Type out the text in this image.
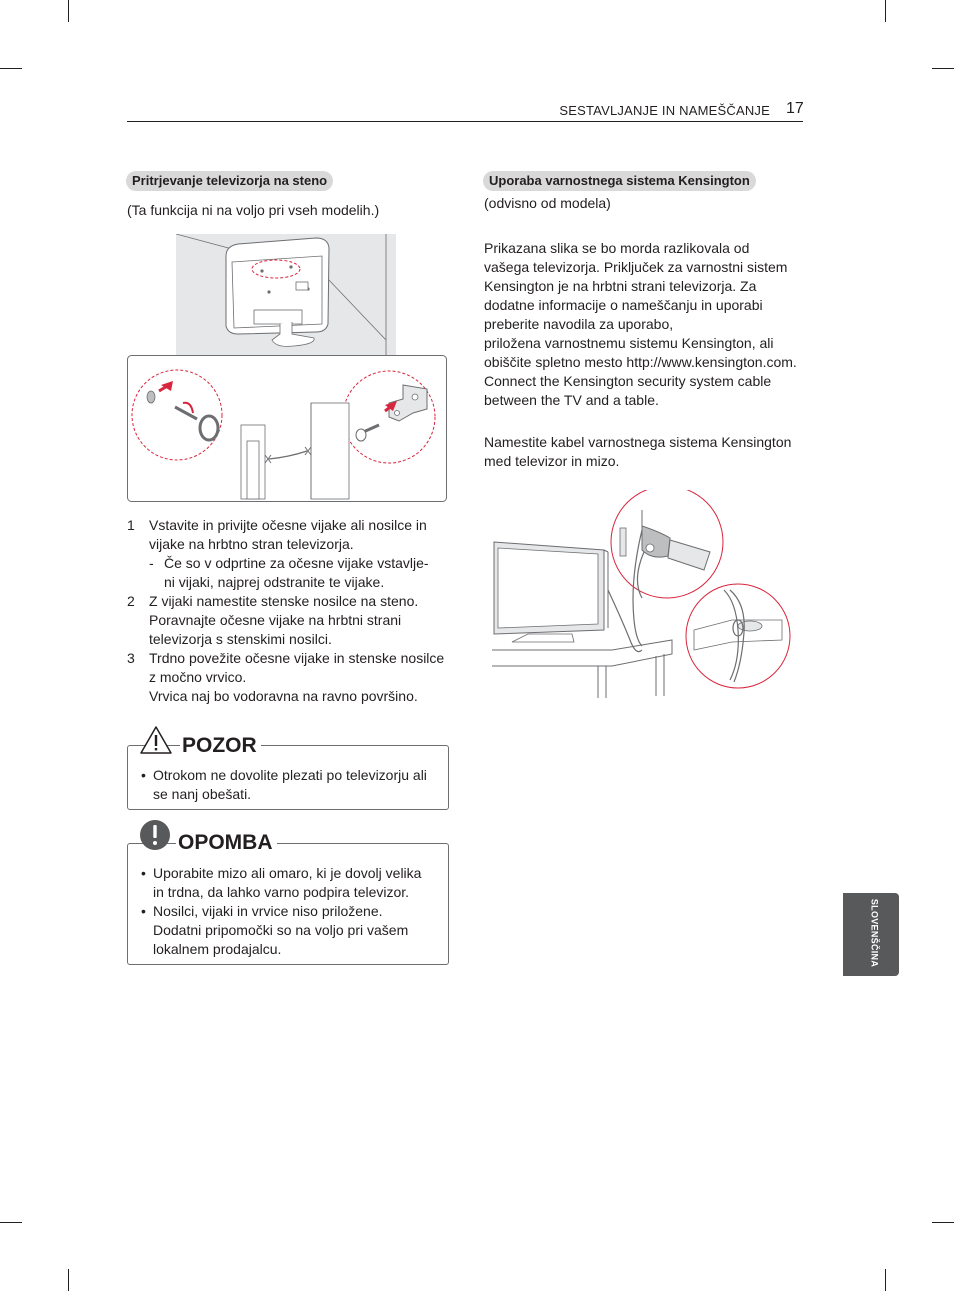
SESTAVLJANJE IN NAMEŠČANJE 17
Pritrjevanje televizorja na steno
(Ta funkcija ni na voljo pri vseh modelih.)
1 Vstavite in privijte očesne vijake ali nosilce in
vijake na hrbtno stran televizorja.
- Če so v odprtine za očesne vijake vstavlje-
ni vijaki, najprej odstranite te vijake.
2 Z vijaki namestite stenske nosilce na steno.
Poravnajte očesne vijake na hrbtni strani
televizorja s stenskimi nosilci.
3 Trdno povežite očesne vijake in stenske nosilce
z močno vrvico.
Vrvica naj bo vodoravna na ravno površino.
• Otrokom ne dovolite plezati po televizorju ali
se nanj obešati.
POZOR
• Uporabite mizo ali omaro, ki je dovolj velika
in trdna, da lahko varno podpira televizor.
• Nosilci, vijaki in vrvice niso priložene.
Dodatni pripomočki so na voljo pri vašem
lokalnem prodajalcu.
OPOMBA
Uporaba varnostnega sistema Kensington
(odvisno od modela)
Prikazana slika se bo morda razlikovala od
vašega televizorja. Priključek za varnostni sistem
Kensington je na hrbtni strani televizorja. Za
dodatne informacije o nameščanju in uporabi
preberite navodila za uporabo,
priložena varnostnemu sistemu Kensington, ali
obiščite spletno mesto http://www.kensington.com.
Connect the Kensington security system cable
between the TV and a table.
Namestite kabel varnostnega sistema Kensington
med televizor in mizo.
SLOVENŠČINA
